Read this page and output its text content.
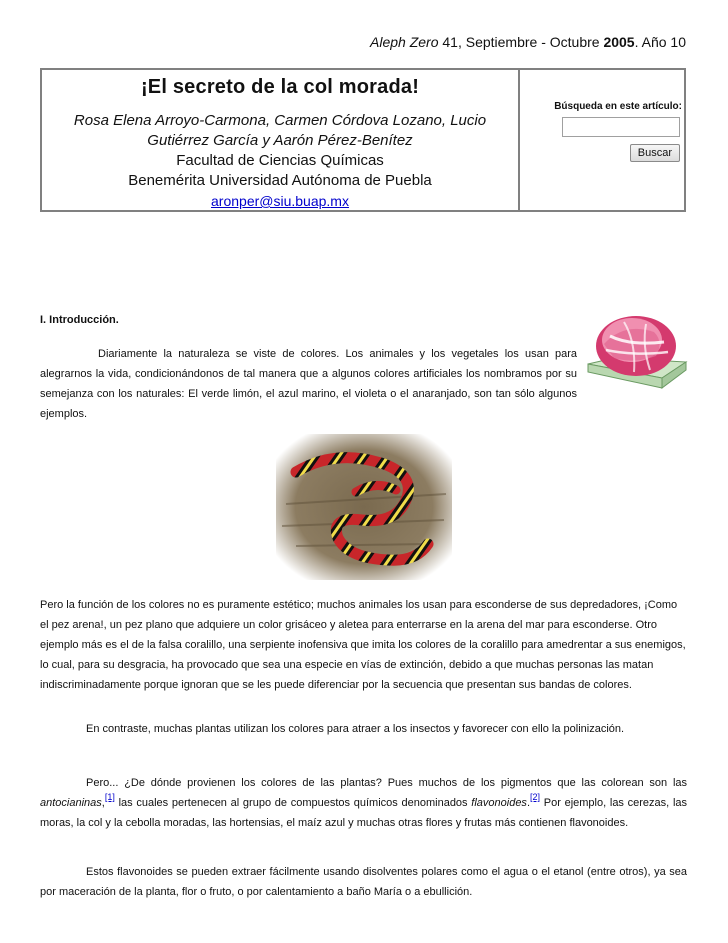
Aleph Zero 41, Septiembre - Octubre 2005. Año 10
¡El secreto de la col morada!
Rosa Elena Arroyo-Carmona, Carmen Córdova Lozano, Lucio Gutiérrez García y Aarón Pérez-Benítez
Facultad de Ciencias Químicas
Benemérita Universidad Autónoma de Puebla
aronper@siu.buap.mx
Búsqueda en este artículo:
Buscar
I. Introducción.

Diariamente la naturaleza se viste de colores. Los animales y los vegetales los usan para alegrarnos la vida, condicionándonos de tal manera que a algunos colores artificiales los nombramos por su semejanza con los naturales: El verde limón, el azul marino, el violeta o el anaranjado, son tan sólo algunos ejemplos.

Pero la función de los colores no es puramente estético; muchos animales los usan para esconderse de sus depredadores, ¡Como el pez arena!, un pez plano que adquiere un color grisáceo y aletea para enterrarse en la arena del mar para esconderse. Otro ejemplo más es el de la falsa coralillo, una serpiente inofensiva que imita los colores de la coralillo para amedrentar a sus enemigos, lo cual, para su desgracia, ha provocado que sea una especie en vías de extinción, debido a que muchas personas las matan indiscriminadamente porque ignoran que se les puede diferenciar por la secuencia que presentan sus bandas de colores.

En contraste, muchas plantas utilizan los colores para atraer a los insectos y favorecer con ello la polinización.

Pero... ¿De dónde provienen los colores de las plantas? Pues muchos de los pigmentos que las colorean son las antocianinas,[1] las cuales pertenecen al grupo de compuestos químicos denominados flavonoides.[2] Por ejemplo, las cerezas, las moras, la col y la cebolla moradas, las hortensias, el maíz azul y muchas otras flores y frutas más contienen flavonoides.

Estos flavonoides se pueden extraer fácilmente usando disolventes polares como el agua o el etanol (entre otros), ya sea por maceración de la planta, flor o fruto, o por calentamiento a baño María o a ebullición.
